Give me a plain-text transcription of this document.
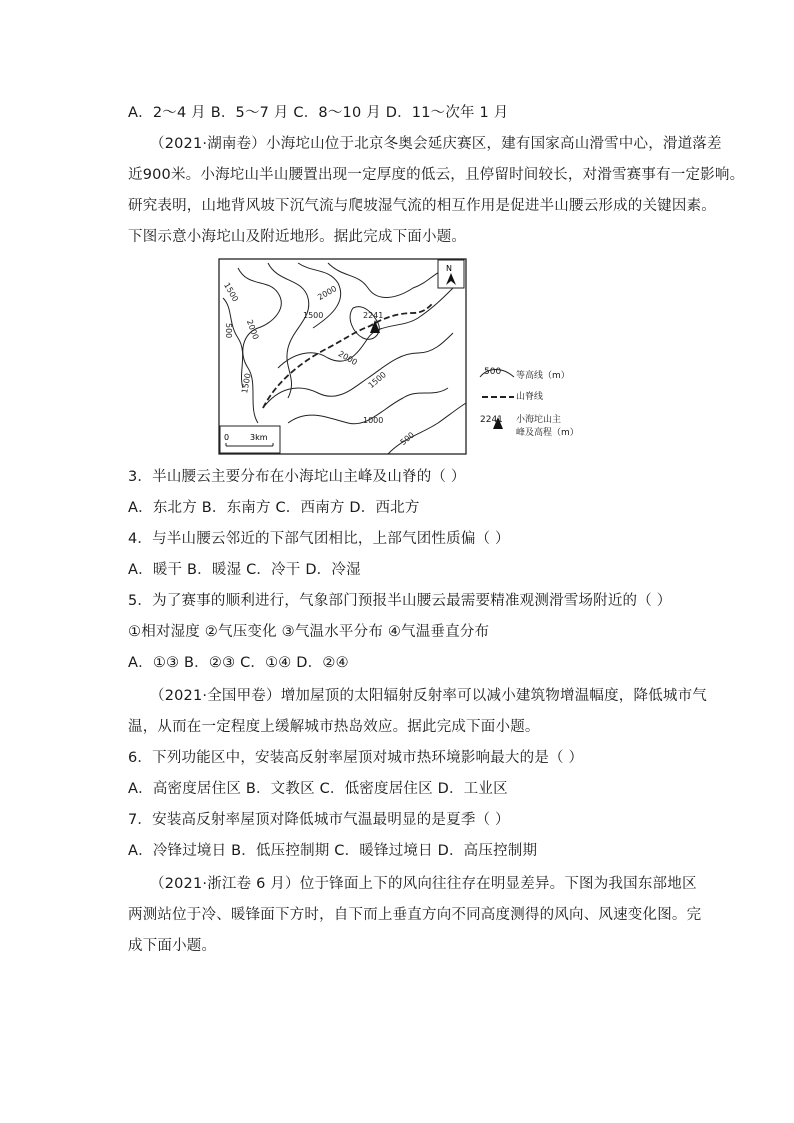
A．2～4 月 B．5～7 月 C．8～10 月 D．11～次年 1 月
（2021·湖南卷）小海坨山位于北京冬奥会延庆赛区，建有国家高山滑雪中心，滑道落差
近900米。小海坨山半山腰置出现一定厚度的低云，且停留时间较长，对滑雪赛事有一定影响。
研究表明，山地背风坡下沉气流与爬坡湿气流的相互作用是促进半山腰云形成的关键因素。
下图示意小海坨山及附近地形。据此完成下面小题。
1500
2000
500
2000
1500	2241
2000
1500	1500
1000
500
N
0	3km
500 等高线（m）
山脊线
2241 小海坨山主
峰及高程（m）
3．半山腰云主要分布在小海坨山主峰及山脊的（ ）
A．东北方 B．东南方 C．西南方 D．西北方
4．与半山腰云邻近的下部气团相比，上部气团性质偏（ ）
A．暖干 B．暖湿 C．冷干 D．冷湿
5．为了赛事的顺利进行，气象部门预报半山腰云最需要精准观测滑雪场附近的（ ）
①相对湿度 ②气压变化 ③气温水平分布 ④气温垂直分布
A．①③ B．②③ C．①④ D．②④
（2021·全国甲卷）增加屋顶的太阳辐射反射率可以减小建筑物增温幅度，降低城市气
温，从而在一定程度上缓解城市热岛效应。据此完成下面小题。
6．下列功能区中，安装高反射率屋顶对城市热环境影响最大的是（ ）
A．高密度居住区 B．文教区 C．低密度居住区 D．工业区
7．安装高反射率屋顶对降低城市气温最明显的是夏季（ ）
A．冷锋过境日 B．低压控制期 C．暖锋过境日 D．高压控制期
（2021·浙江卷 6 月）位于锋面上下的风向往往存在明显差异。下图为我国东部地区
两测站位于冷、暖锋面下方时，自下而上垂直方向不同高度测得的风向、风速变化图。完
成下面小题。
